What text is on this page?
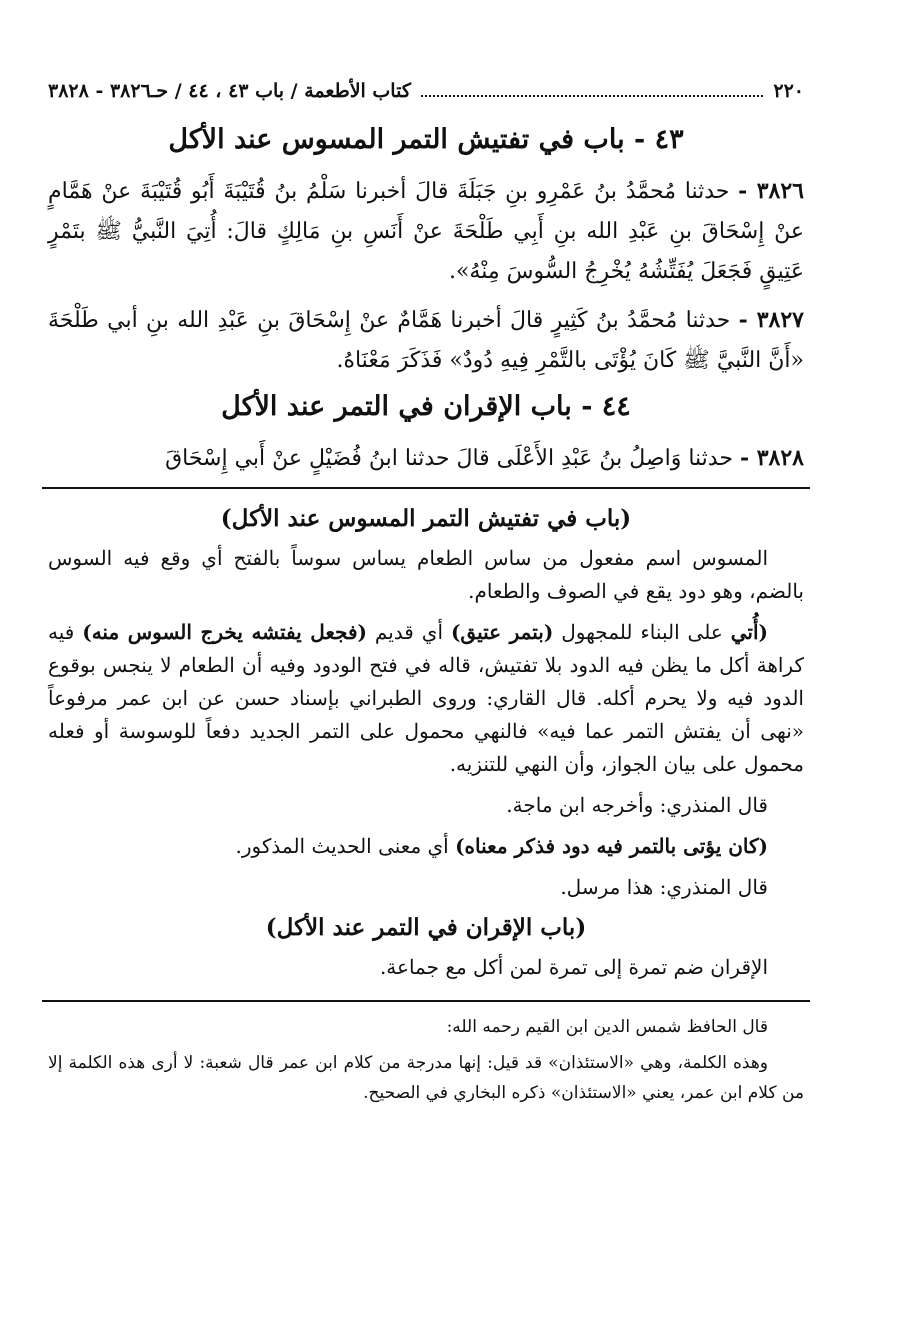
٢٢٠
كتاب الأطعمة / باب ٤٣ ، ٤٤ / حـ٣٨٢٦ - ٣٨٢٨
٤٣ - باب في تفتيش التمر المسوس عند الأكل

٣٨٢٦ - حدثنا مُحمَّدُ بنُ عَمْرِو بنِ جَبَلَةَ قالَ أخبرنا سَلْمُ بنُ قُتَيْبَةَ أَبُو قُتَيْبَةَ عنْ هَمَّامٍ عنْ إِسْحَاقَ بنِ عَبْدِ الله بنِ أَبِي طَلْحَةَ عنْ أَنَسِ بنِ مَالِكٍ قالَ: أُتِيَ النَّبيُّ ﷺ بتَمْرٍ عَتِيقٍ فَجَعَلَ يُفَتِّشُهُ يُخْرِجُ السُّوسَ مِنْهُ».

٣٨٢٧ - حدثنا مُحمَّدُ بنُ كَثِيرٍ قالَ أخبرنا هَمَّامٌ عنْ إِسْحَاقَ بنِ عَبْدِ الله بنِ أبي طَلْحَةَ «أَنَّ النَّبيَّ ﷺ كَانَ يُؤْتَى بالتَّمْرِ فِيهِ دُودٌ» فَذَكَرَ مَعْنَاهُ.

٤٤ - باب الإقران في التمر عند الأكل

٣٨٢٨ - حدثنا وَاصِلُ بنُ عَبْدِ الأَعْلَى قالَ حدثنا ابنُ فُضَيْلٍ عنْ أَبي إِسْحَاقَ

(باب في تفتيش التمر المسوس عند الأكل)

المسوس اسم مفعول من ساس الطعام يساس سوساً بالفتح أي وقع فيه السوس بالضم، وهو دود يقع في الصوف والطعام.

(أُتي على البناء للمجهول (بتمر عتيق) أي قديم (فجعل يفتشه يخرج السوس منه) فيه كراهة أكل ما يظن فيه الدود بلا تفتيش، قاله في فتح الودود وفيه أن الطعام لا ينجس بوقوع الدود فيه ولا يحرم أكله. قال القاري: وروى الطبراني بإسناد حسن عن ابن عمر مرفوعاً «نهى أن يفتش التمر عما فيه» فالنهي محمول على التمر الجديد دفعاً للوسوسة أو فعله محمول على بيان الجواز، وأن النهي للتنزيه.

قال المنذري: وأخرجه ابن ماجة.

(كان يؤتى بالتمر فيه دود فذكر معناه) أي معنى الحديث المذكور.

قال المنذري: هذا مرسل.

(باب الإقران في التمر عند الأكل)

الإقران ضم تمرة إلى تمرة لمن أكل مع جماعة.

قال الحافظ شمس الدين ابن القيم رحمه الله:

وهذه الكلمة، وهي «الاستئذان» قد قيل: إنها مدرجة من كلام ابن عمر قال شعبة: لا أرى هذه الكلمة إلا من كلام ابن عمر، يعني «الاستئذان» ذكره البخاري في الصحيح.
